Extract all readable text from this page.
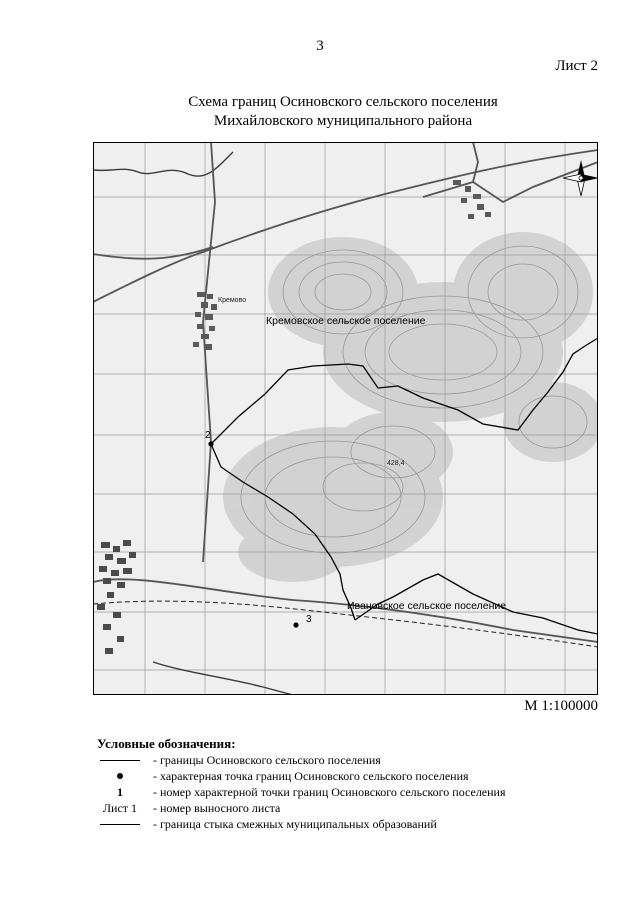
3
Лист 2
Схема границ Осиновского сельского поселения
Михайловского муниципального района
Кремовское сельское поселение
Ивановское сельское поселение
Кремово
2
3
428,4
М 1:100000
Условные обозначения:
- границы Осиновского сельского поселения
- характерная точка границ Осиновского сельского поселения
1	- номер характерной точки границ Осиновского сельского поселения
Лист 1	- номер выносного листа
- граница стыка смежных муниципальных образований
